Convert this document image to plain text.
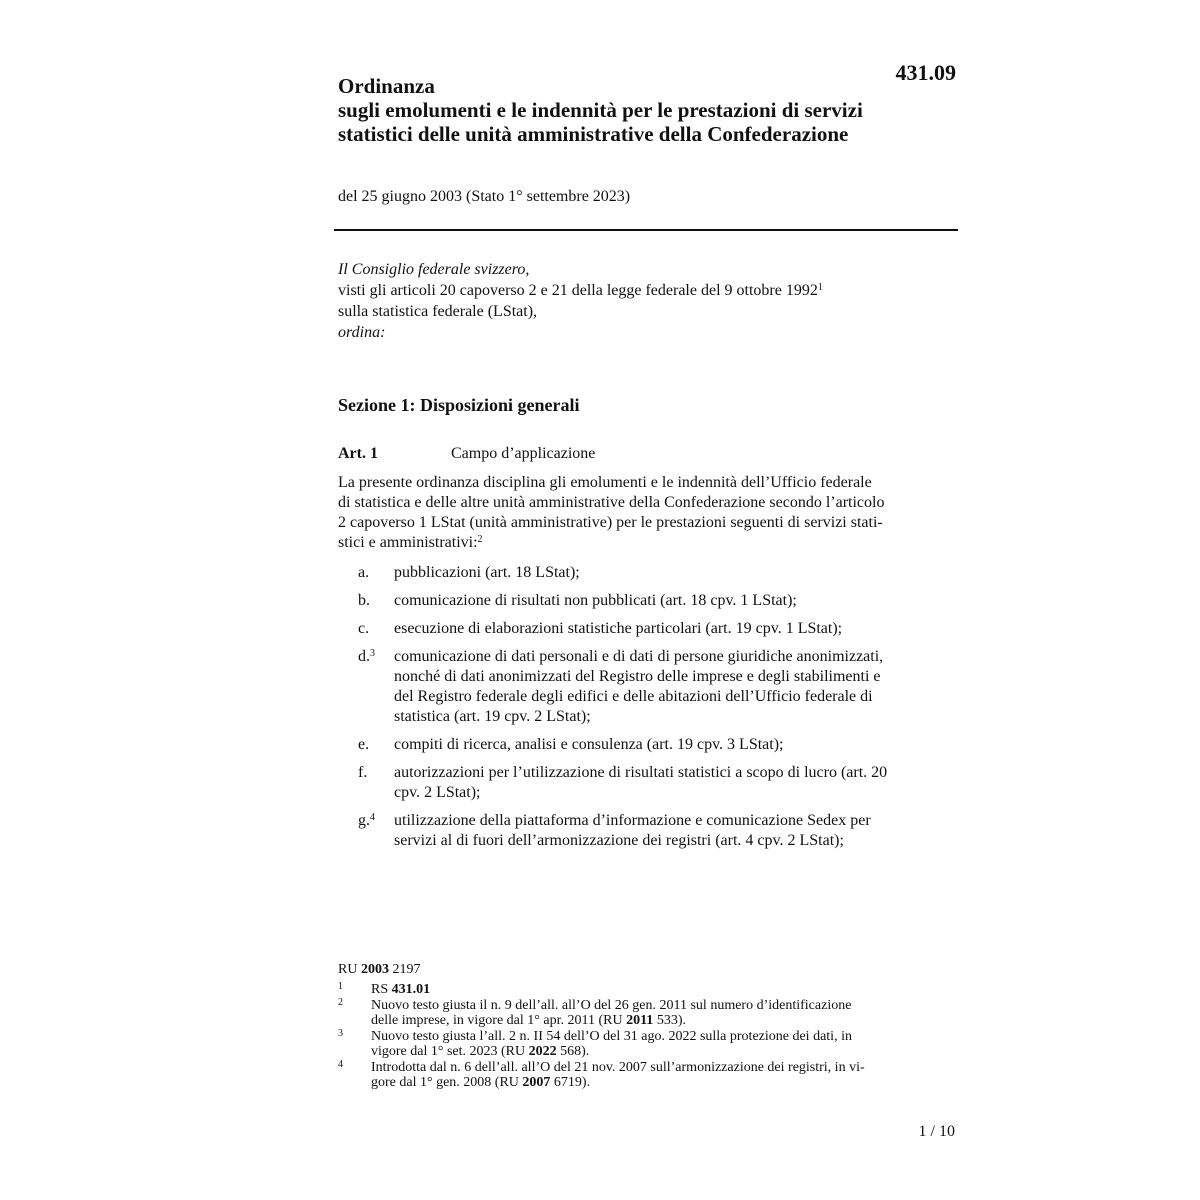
431.09
Ordinanza
sugli emolumenti e le indennità per le prestazioni di servizi
statistici delle unità amministrative della Confederazione
del 25 giugno 2003 (Stato 1° settembre 2023)
Il Consiglio federale svizzero,
visti gli articoli 20 capoverso 2 e 21 della legge federale del 9 ottobre 1992$^1$
sulla statistica federale (LStat),
ordina:
Sezione 1: Disposizioni generali
Art. 1	Campo d’applicazione
La presente ordinanza disciplina gli emolumenti e le indennità dell’Ufficio federale
di statistica e delle altre unità amministrative della Confederazione secondo l’articolo
2 capoverso 1 LStat (unità amministrative) per le prestazioni seguenti di servizi stati-
stici e amministrativi:$^2$
a. pubblicazioni (art. 18 LStat);
b. comunicazione di risultati non pubblicati (art. 18 cpv. 1 LStat);
c. esecuzione di elaborazioni statistiche particolari (art. 19 cpv. 1 LStat);
d.$^3$ comunicazione di dati personali e di dati di persone giuridiche anonimizzati,
nonché di dati anonimizzati del Registro delle imprese e degli stabilimenti e
del Registro federale degli edifici e delle abitazioni dell’Ufficio federale di
statistica (art. 19 cpv. 2 LStat);
e. compiti di ricerca, analisi e consulenza (art. 19 cpv. 3 LStat);
f. autorizzazioni per l’utilizzazione di risultati statistici a scopo di lucro (art. 20
cpv. 2 LStat);
g.$^4$ utilizzazione della piattaforma d’informazione e comunicazione Sedex per
servizi al di fuori dell’armonizzazione dei registri (art. 4 cpv. 2 LStat);
RU 2003 2197
1 RS 431.01
2 Nuovo testo giusta il n. 9 dell’all. all’O del 26 gen. 2011 sul numero d’identificazione
delle imprese, in vigore dal 1° apr. 2011 (RU 2011 533).
3 Nuovo testo giusta l’all. 2 n. II 54 dell’O del 31 ago. 2022 sulla protezione dei dati, in
vigore dal 1° set. 2023 (RU 2022 568).
4 Introdotta dal n. 6 dell’all. all’O del 21 nov. 2007 sull’armonizzazione dei registri, in vi-
gore dal 1° gen. 2008 (RU 2007 6719).
1 / 10
